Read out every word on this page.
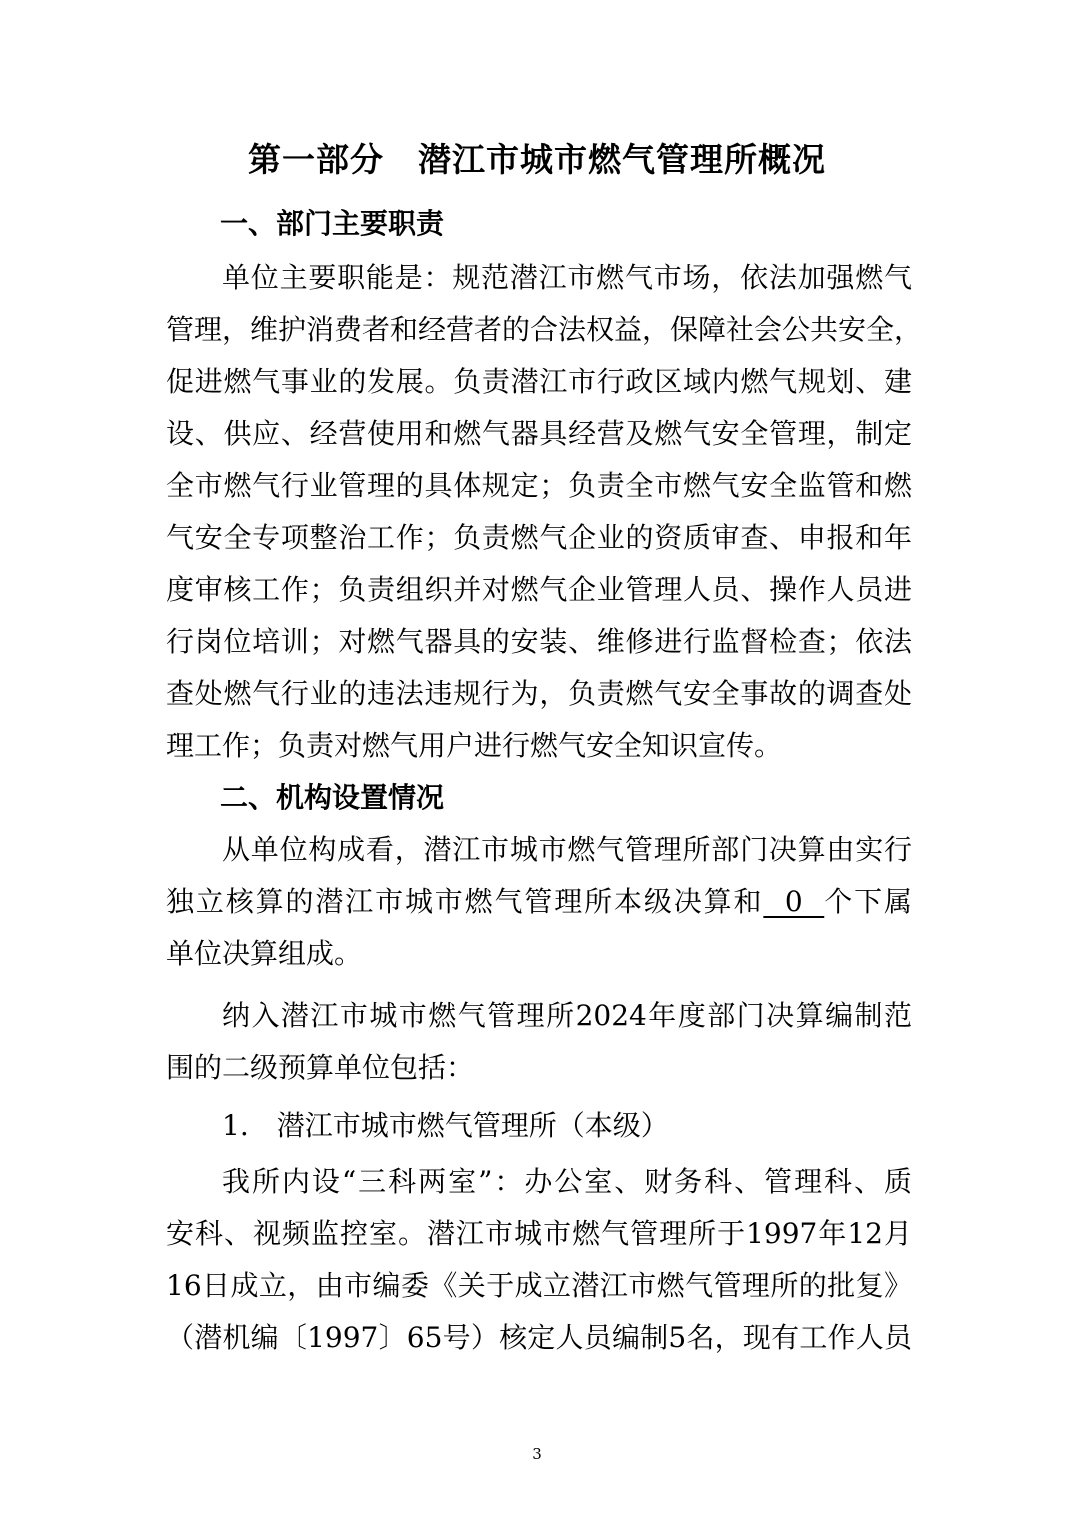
第一部分　潜江市城市燃气管理所概况
一、部门主要职责
单位主要职能是：规范潜江市燃气市场，依法加强燃气
管理，维护消费者和经营者的合法权益，保障社会公共安全，
促进燃气事业的发展。负责潜江市行政区域内燃气规划、建
设、供应、经营使用和燃气器具经营及燃气安全管理，制定
全市燃气行业管理的具体规定；负责全市燃气安全监管和燃
气安全专项整治工作；负责燃气企业的资质审查、申报和年
度审核工作；负责组织并对燃气企业管理人员、操作人员进
行岗位培训；对燃气器具的安装、维修进行监督检查；依法
查处燃气行业的违法违规行为，负责燃气安全事故的调查处
理工作；负责对燃气用户进行燃气安全知识宣传。
二、机构设置情况
从单位构成看，潜江市城市燃气管理所部门决算由实行
独立核算的潜江市城市燃气管理所本级决算和  0  个下属
单位决算组成。
纳入潜江市城市燃气管理所2024年度部门决算编制范
围的二级预算单位包括：
1.　潜江市城市燃气管理所（本级）
我所内设“三科两室”：办公室、财务科、管理科、质
安科、视频监控室。潜江市城市燃气管理所于1997年12月
16日成立，由市编委《关于成立潜江市燃气管理所的批复》
（潜机编〔1997〕65号）核定人员编制5名，现有工作人员
3
